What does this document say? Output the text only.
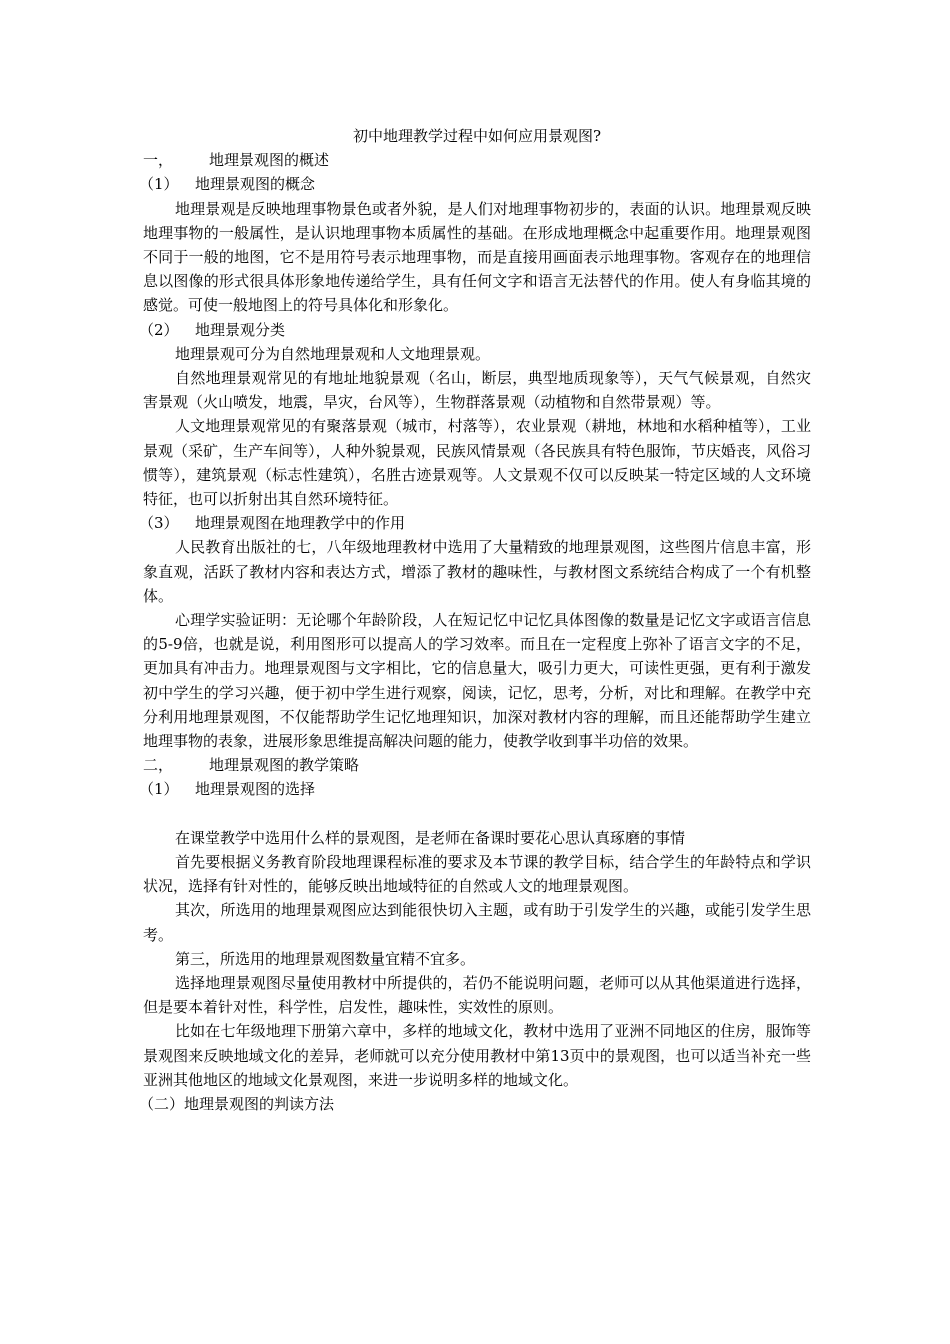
初中地理教学过程中如何应用景观图?

一， 地理景观图的概述

（1） 地理景观图的概念

地理景观是反映地理事物景色或者外貌，是人们对地理事物初步的，表面的认识。地理景观反映地理事物的一般属性，是认识地理事物本质属性的基础。在形成地理概念中起重要作用。地理景观图不同于一般的地图，它不是用符号表示地理事物，而是直接用画面表示地理事物。客观存在的地理信息以图像的形式很具体形象地传递给学生，具有任何文字和语言无法替代的作用。使人有身临其境的感觉。可使一般地图上的符号具体化和形象化。

（2） 地理景观分类

地理景观可分为自然地理景观和人文地理景观。

自然地理景观常见的有地址地貌景观（名山，断层，典型地质现象等），天气气候景观，自然灾害景观（火山喷发，地震，旱灾，台风等），生物群落景观（动植物和自然带景观）等。

人文地理景观常见的有聚落景观（城市，村落等），农业景观（耕地，林地和水稻种植等），工业景观（采矿，生产车间等），人种外貌景观，民族风情景观（各民族具有特色服饰，节庆婚丧，风俗习惯等），建筑景观（标志性建筑），名胜古迹景观等。人文景观不仅可以反映某一特定区域的人文环境特征，也可以折射出其自然环境特征。

（3） 地理景观图在地理教学中的作用

人民教育出版社的七，八年级地理教材中选用了大量精致的地理景观图，这些图片信息丰富，形象直观，活跃了教材内容和表达方式，增添了教材的趣味性，与教材图文系统结合构成了一个有机整体。

心理学实验证明：无论哪个年龄阶段，人在短记忆中记忆具体图像的数量是记忆文字或语言信息的5-9倍，也就是说，利用图形可以提高人的学习效率。而且在一定程度上弥补了语言文字的不足，更加具有冲击力。地理景观图与文字相比，它的信息量大，吸引力更大，可读性更强，更有利于激发初中学生的学习兴趣，便于初中学生进行观察，阅读，记忆，思考，分析，对比和理解。在教学中充分利用地理景观图，不仅能帮助学生记忆地理知识，加深对教材内容的理解，而且还能帮助学生建立地理事物的表象，进展形象思维提高解决问题的能力，使教学收到事半功倍的效果。

二， 地理景观图的教学策略

（1） 地理景观图的选择

在课堂教学中选用什么样的景观图，是老师在备课时要花心思认真琢磨的事情

首先要根据义务教育阶段地理课程标准的要求及本节课的教学目标，结合学生的年龄特点和学识状况，选择有针对性的，能够反映出地域特征的自然或人文的地理景观图。

其次，所选用的地理景观图应达到能很快切入主题，或有助于引发学生的兴趣，或能引发学生思考。

第三，所选用的地理景观图数量宜精不宜多。

选择地理景观图尽量使用教材中所提供的，若仍不能说明问题，老师可以从其他渠道进行选择，但是要本着针对性，科学性，启发性，趣味性，实效性的原则。

比如在七年级地理下册第六章中，多样的地域文化，教材中选用了亚洲不同地区的住房，服饰等景观图来反映地域文化的差异，老师就可以充分使用教材中第13页中的景观图，也可以适当补充一些亚洲其他地区的地域文化景观图，来进一步说明多样的地域文化。

（二）地理景观图的判读方法
